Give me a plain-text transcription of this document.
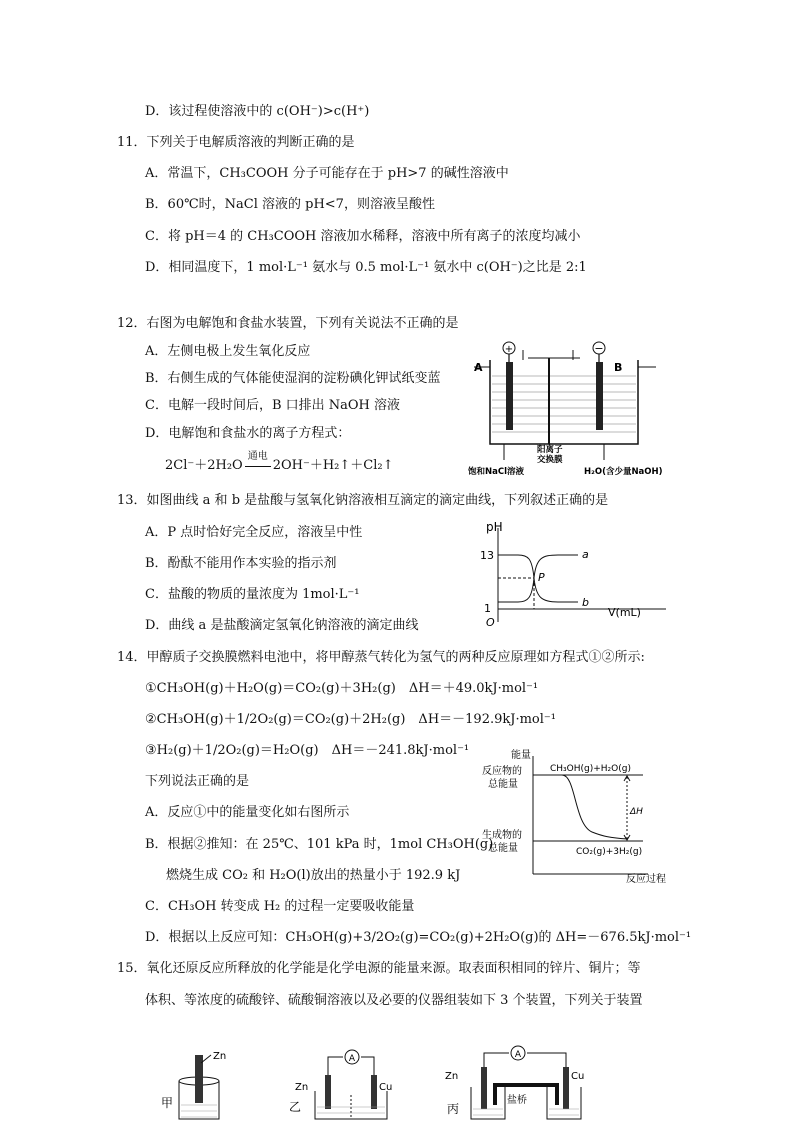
D．该过程使溶液中的 c(OH⁻)>c(H⁺)
11．下列关于电解质溶液的判断正确的是
A．常温下，CH₃COOH 分子可能存在于 pH>7 的碱性溶液中
B．60℃时，NaCl 溶液的 pH<7，则溶液呈酸性
C．将 pH＝4 的 CH₃COOH 溶液加水稀释，溶液中所有离子的浓度均减小
D．相同温度下，1 mol·L⁻¹ 氨水与 0.5 mol·L⁻¹ 氨水中 c(OH⁻)之比是 2:1
12．右图为电解饱和食盐水装置，下列有关说法不正确的是
A．左侧电极上发生氧化反应
B．右侧生成的气体能使湿润的淀粉碘化钾试纸变蓝
C．电解一段时间后，B 口排出 NaOH 溶液
D．电解饱和食盐水的离子方程式：
2Cl⁻＋2H₂O
通电
2OH⁻＋H₂↑＋Cl₂↑
13．如图曲线 a 和 b 是盐酸与氢氧化钠溶液相互滴定的滴定曲线，下列叙述正确的是
A．P 点时恰好完全反应，溶液呈中性
B．酚酞不能用作本实验的指示剂
C．盐酸的物质的量浓度为 1mol·L⁻¹
D．曲线 a 是盐酸滴定氢氧化钠溶液的滴定曲线
14．甲醇质子交换膜燃料电池中，将甲醇蒸气转化为氢气的两种反应原理如方程式①②所示:
①CH₃OH(g)＋H₂O(g)＝CO₂(g)＋3H₂(g)　ΔH＝＋49.0kJ·mol⁻¹
②CH₃OH(g)＋1/2O₂(g)＝CO₂(g)＋2H₂(g)　ΔH＝－192.9kJ·mol⁻¹
③H₂(g)＋1/2O₂(g)＝H₂O(g)　ΔH＝－241.8kJ·mol⁻¹
下列说法正确的是
A．反应①中的能量变化如右图所示
B．根据②推知：在 25℃、101 kPa 时，1mol CH₃OH(g)
燃烧生成 CO₂ 和 H₂O(l)放出的热量小于 192.9 kJ
C．CH₃OH 转变成 H₂ 的过程一定要吸收能量
D．根据以上反应可知：CH₃OH(g)+3/2O₂(g)=CO₂(g)+2H₂O(g)的 ΔH=－676.5kJ·mol⁻¹
15．氧化还原反应所释放的化学能是化学电源的能量来源。取表面积相同的锌片、铜片；等
体积、等浓度的硫酸锌、硫酸铜溶液以及必要的仪器组装如下 3 个装置，下列关于装置
+	−
A	B
阳离子
交换膜
饱和NaCl溶液	H₂O(含少量NaOH)
pH
V(mL)
13
1
O
P
a
b
能量
反应物的
总能量
生成物的
总能量
CH₃OH(g)+H₂O(g)
CO₂(g)+3H₂(g)
ΔH
反应过程
甲
Zn
乙
A
Zn	Cu
丙
A
盐桥
Zn	Cu
